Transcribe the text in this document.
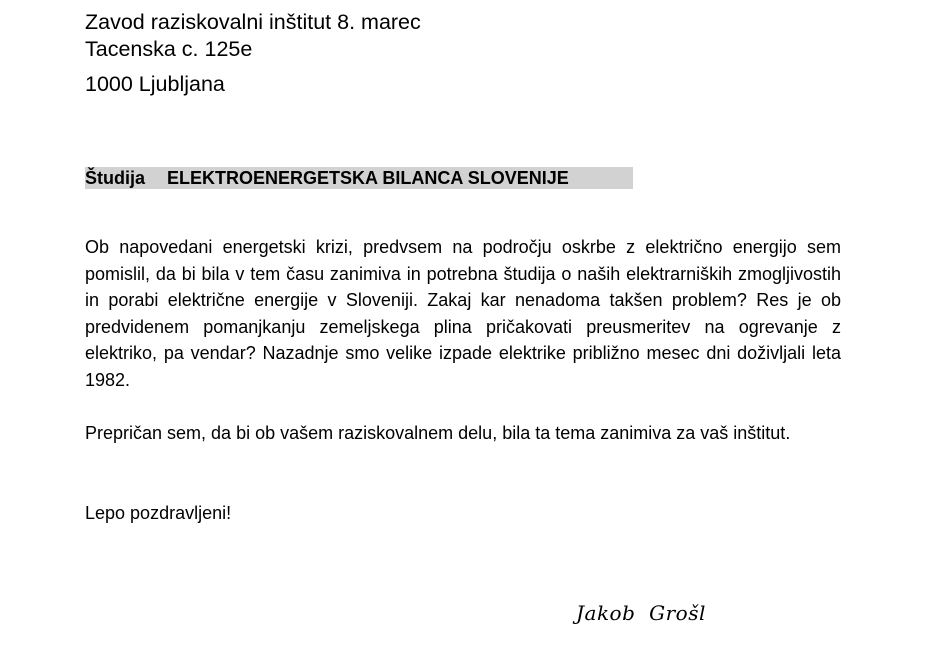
Zavod raziskovalni inštitut 8. marec
Tacenska c. 125e
1000 Ljubljana
Študija ELEKTROENERGETSKA BILANCA SLOVENIJE

Ob napovedani energetski krizi, predvsem na področju oskrbe z električno energijo sem pomislil, da bi bila v tem času zanimiva in potrebna študija o naših elektrarniških zmogljivostih in porabi električne energije v Sloveniji. Zakaj kar nenadoma takšen problem? Res je ob predvidenem pomanjkanju zemeljskega plina pričakovati preusmeritev na ogrevanje z elektriko, pa vendar? Nazadnje smo velike izpade elektrike približno mesec dni doživljali leta 1982.

Prepričan sem, da bi ob vašem raziskovalnem delu, bila ta tema zanimiva za vaš inštitut.

Lepo pozdravljeni!

Jakob  Grošl
